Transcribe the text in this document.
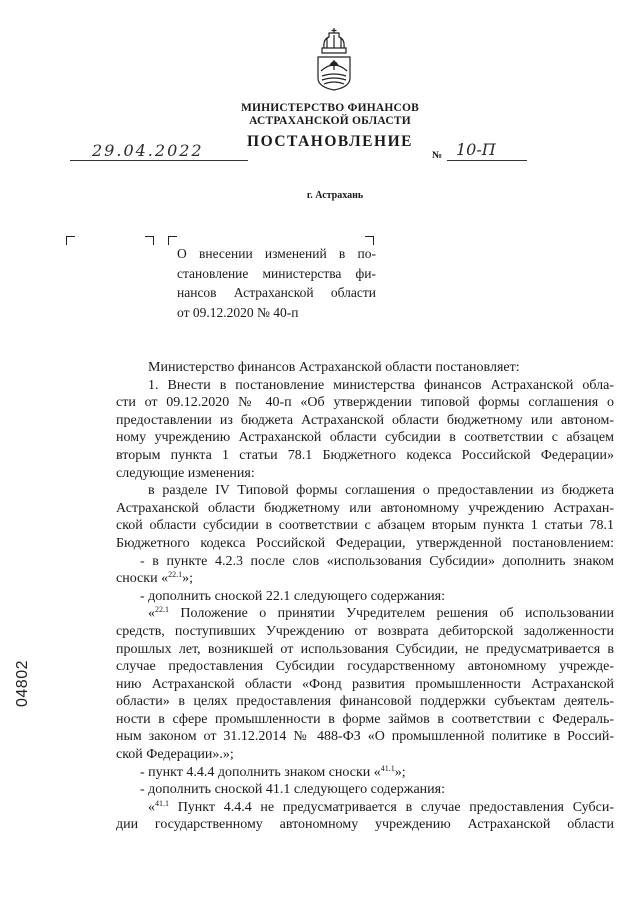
МИНИСТЕРСТВО ФИНАНСОВ
АСТРАХАНСКОЙ ОБЛАСТИ
ПОСТАНОВЛЕНИЕ
29.04.2022	№ 10-П
г. Астрахань
О внесении изменений в по-
становление министерства фи-
нансов Астраханской области
от 09.12.2020 № 40-п
Министерство финансов Астраханской области постановляет:
1. Внести в постановление министерства финансов Астраханской обла-
сти от 09.12.2020 № 40-п «Об утверждении типовой формы соглашения о
предоставлении из бюджета Астраханской области бюджетному или автоном-
ному учреждению Астраханской области субсидии в соответствии с абзацем
вторым пункта 1 статьи 78.1 Бюджетного кодекса Российской Федерации»
следующие изменения:
в разделе IV Типовой формы соглашения о предоставлении из бюджета
Астраханской области бюджетному или автономному учреждению Астрахан-
ской области субсидии в соответствии с абзацем вторым пункта 1 статьи 78.1
Бюджетного кодекса Российской Федерации, утвержденной постановлением:
- в пункте 4.2.3 после слов «использования Субсидии» дополнить знаком
сноски «$^{22.1}$»;
- дополнить сноской 22.1 следующего содержания:
«$^{22.1}$ Положение о принятии Учредителем решения об использовании
средств, поступивших Учреждению от возврата дебиторской задолженности
прошлых лет, возникшей от использования Субсидии, не предусматривается в
случае предоставления Субсидии государственному автономному учрежде-
нию Астраханской области «Фонд развития промышленности Астраханской
области» в целях предоставления финансовой поддержки субъектам деятель-
ности в сфере промышленности в форме займов в соответствии с Федераль-
ным законом от 31.12.2014 № 488-ФЗ «О промышленной политике в Россий-
ской Федерации».»;
- пункт 4.4.4 дополнить знаком сноски «$^{41.1}$»;
- дополнить сноской 41.1 следующего содержания:
«$^{41.1}$ Пункт 4.4.4 не предусматривается в случае предоставления Субси-
дии государственному автономному учреждению Астраханской области
04802
